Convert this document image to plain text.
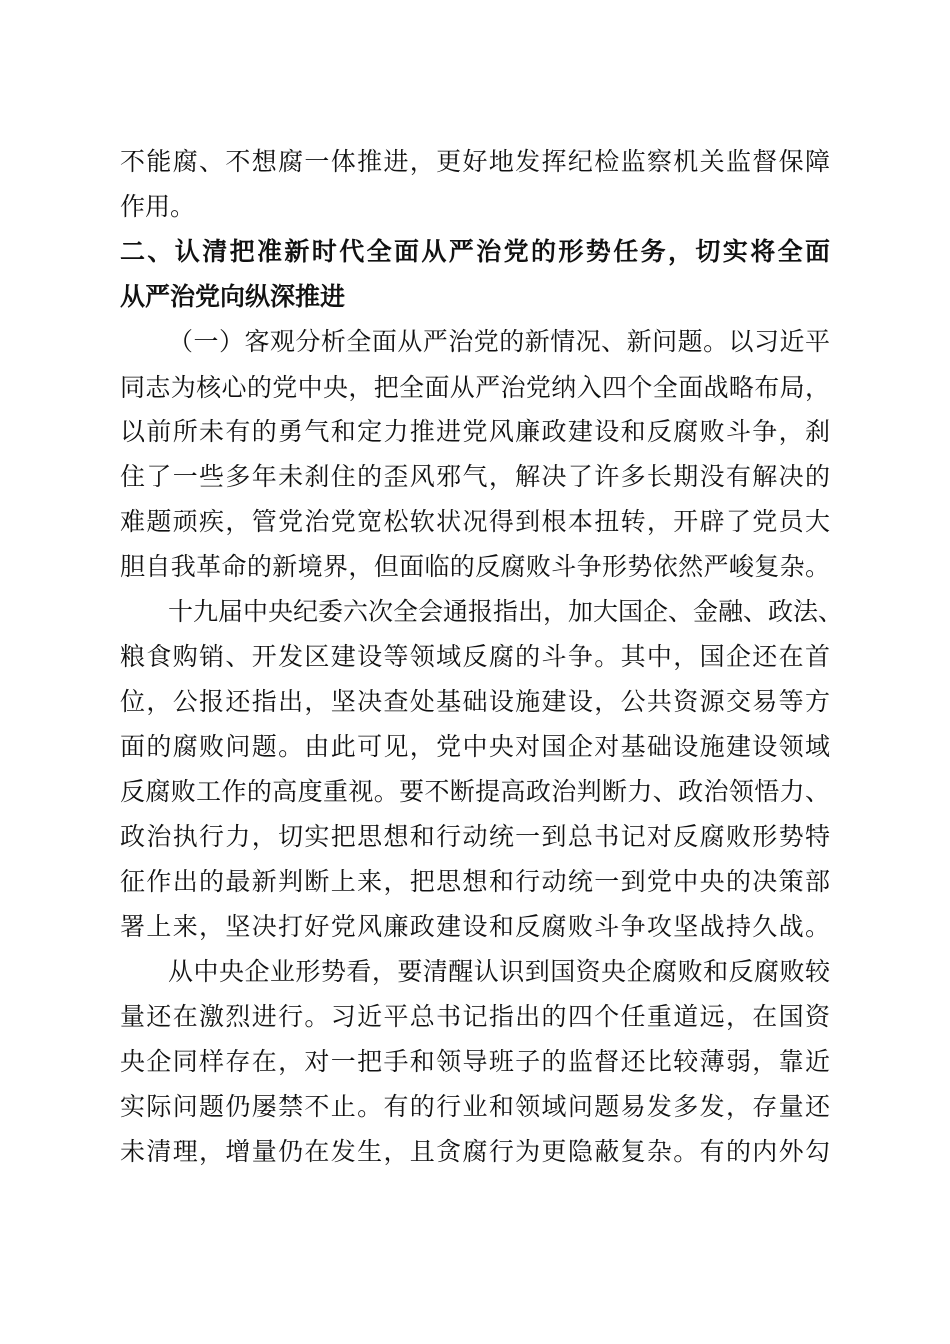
不能腐、不想腐一体推进，更好地发挥纪检监察机关监督保障
作用。
二、认清把准新时代全面从严治党的形势任务，切实将全面
从严治党向纵深推进
（一）客观分析全面从严治党的新情况、新问题。以习近平
同志为核心的党中央，把全面从严治党纳入四个全面战略布局，
以前所未有的勇气和定力推进党风廉政建设和反腐败斗争，刹
住了一些多年未刹住的歪风邪气，解决了许多长期没有解决的
难题顽疾，管党治党宽松软状况得到根本扭转，开辟了党员大
胆自我革命的新境界，但面临的反腐败斗争形势依然严峻复杂。
十九届中央纪委六次全会通报指出，加大国企、金融、政法、
粮食购销、开发区建设等领域反腐的斗争。其中，国企还在首
位，公报还指出，坚决查处基础设施建设，公共资源交易等方
面的腐败问题。由此可见，党中央对国企对基础设施建设领域
反腐败工作的高度重视。要不断提高政治判断力、政治领悟力、
政治执行力，切实把思想和行动统一到总书记对反腐败形势特
征作出的最新判断上来，把思想和行动统一到党中央的决策部
署上来，坚决打好党风廉政建设和反腐败斗争攻坚战持久战。
从中央企业形势看，要清醒认识到国资央企腐败和反腐败较
量还在激烈进行。习近平总书记指出的四个任重道远，在国资
央企同样存在，对一把手和领导班子的监督还比较薄弱，靠近
实际问题仍屡禁不止。有的行业和领域问题易发多发，存量还
未清理，增量仍在发生，且贪腐行为更隐蔽复杂。有的内外勾
